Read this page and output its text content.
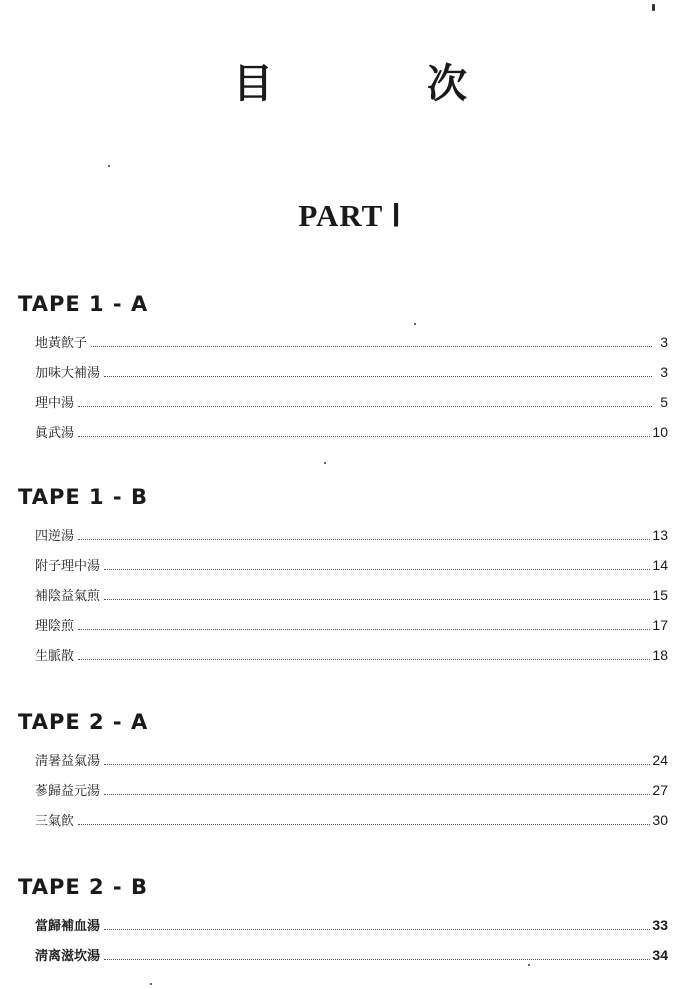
目 次
PART Ⅰ
TAPE 1 - A
地黃飮子	3
加味大補湯	3
理中湯	5
眞武湯	10
TAPE 1 - B
四逆湯	13
附子理中湯	14
補陰益氣煎	15
理陰煎	17
生脈散	18
TAPE 2 - A
淸暑益氣湯	24
蔘歸益元湯	27
三氣飮	30
TAPE 2 - B
當歸補血湯	33
淸离滋坎湯	34
